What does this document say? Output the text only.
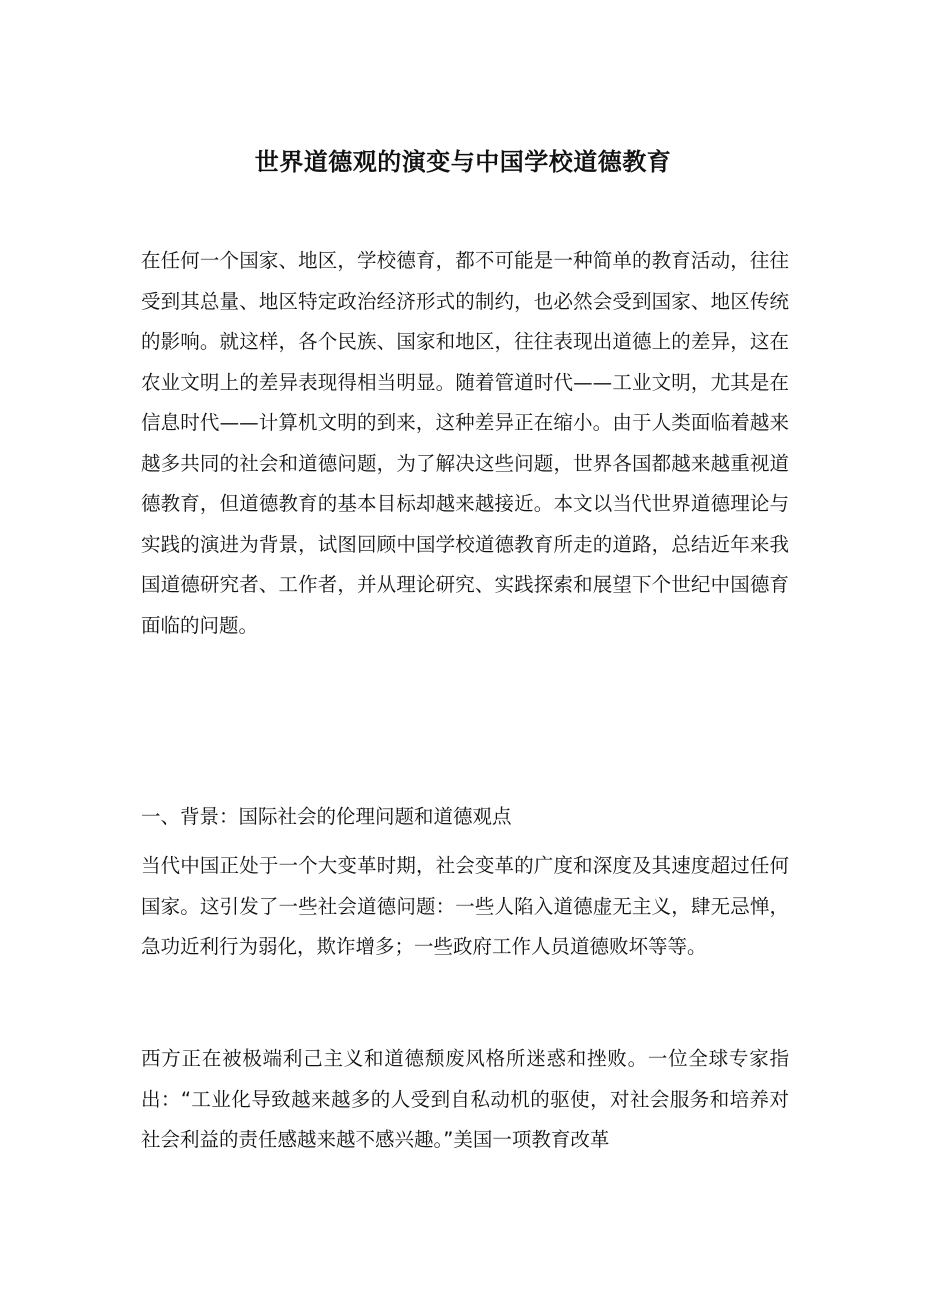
世界道德观的演变与中国学校道德教育

在任何一个国家、地区，学校德育，都不可能是一种简单的教育活动，往往受到其总量、地区特定政治经济形式的制约，也必然会受到国家、地区传统的影响。就这样，各个民族、国家和地区，往往表现出道德上的差异，这在农业文明上的差异表现得相当明显。随着管道时代——工业文明，尤其是在信息时代——计算机文明的到来，这种差异正在缩小。由于人类面临着越来越多共同的社会和道德问题，为了解决这些问题，世界各国都越来越重视道德教育，但道德教育的基本目标却越来越接近。本文以当代世界道德理论与实践的演进为背景，试图回顾中国学校道德教育所走的道路，总结近年来我国道德研究者、工作者，并从理论研究、实践探索和展望下个世纪中国德育面临的问题。

一、背景：国际社会的伦理问题和道德观点

当代中国正处于一个大变革时期，社会变革的广度和深度及其速度超过任何国家。这引发了一些社会道德问题：一些人陷入道德虚无主义，肆无忌惮，急功近利行为弱化，欺诈增多；一些政府工作人员道德败坏等等。

西方正在被极端利己主义和道德颓废风格所迷惑和挫败。一位全球专家指出：“工业化导致越来越多的人受到自私动机的驱使，对社会服务和培养对社会利益的责任感越来越不感兴趣。”美国一项教育改革
